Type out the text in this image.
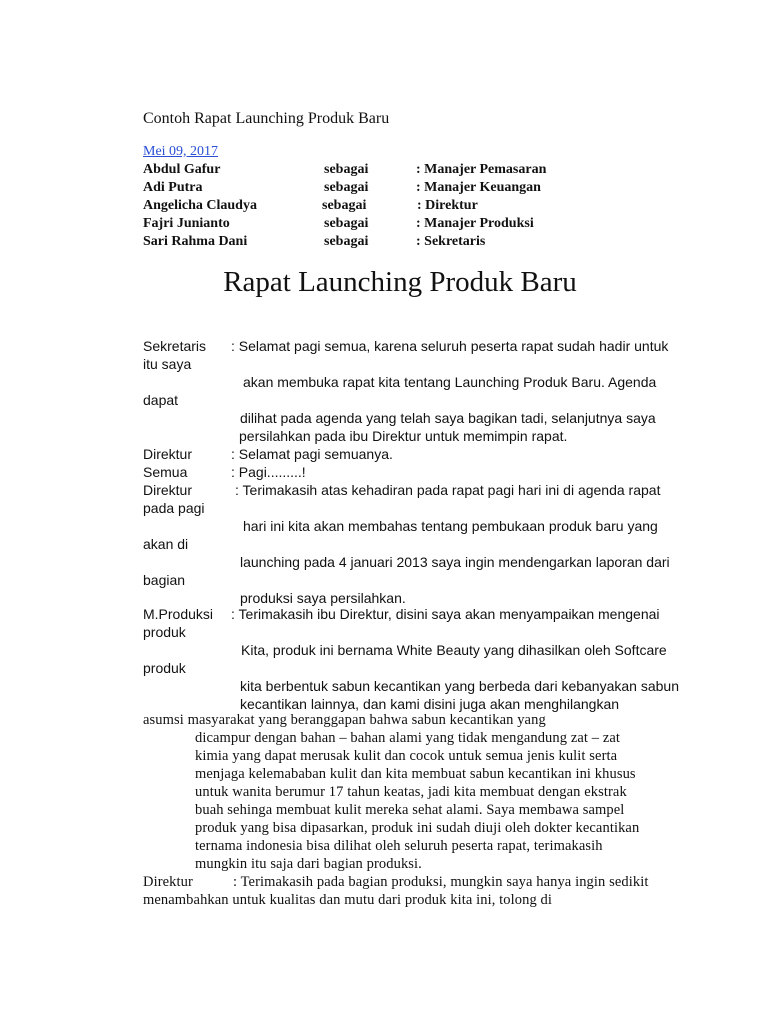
Contoh Rapat Launching Produk Baru
Mei 09, 2017
Abdul Gafur	sebagai	: Manajer Pemasaran
Adi Putra	sebagai	: Manajer Keuangan
Angelicha Claudya	sebagai	: Direktur
Fajri Junianto	sebagai	: Manajer Produksi
Sari Rahma Dani	sebagai	: Sekretaris
Rapat Launching Produk Baru
Sekretaris : Selamat pagi semua, karena seluruh peserta rapat sudah hadir untuk
itu saya
akan membuka rapat kita tentang Launching Produk Baru. Agenda
dapat
dilihat pada agenda yang telah saya bagikan tadi, selanjutnya saya
persilahkan pada ibu Direktur untuk memimpin rapat.
Direktur	: Selamat pagi semuanya.
Semua	: Pagi.........!
Direktur	: Terimakasih atas kehadiran pada rapat pagi hari ini di agenda rapat
pada pagi
hari ini kita akan membahas tentang pembukaan produk baru yang
akan di
launching pada 4 januari 2013 saya ingin mendengarkan laporan dari
bagian
produksi saya persilahkan.
M.Produksi : Terimakasih ibu Direktur, disini saya akan menyampaikan mengenai
produk
Kita, produk ini bernama White Beauty yang dihasilkan oleh Softcare
produk
kita berbentuk sabun kecantikan yang berbeda dari kebanyakan sabun
kecantikan lainnya, dan kami disini juga akan menghilangkan
asumsi masyarakat yang beranggapan bahwa sabun kecantikan yang
dicampur dengan bahan – bahan alami yang tidak mengandung zat – zat
kimia yang dapat merusak kulit dan cocok untuk semua jenis kulit serta
menjaga kelemababan kulit dan kita membuat sabun kecantikan ini khusus
untuk wanita berumur 17 tahun keatas, jadi kita membuat dengan ekstrak
buah sehinga membuat kulit mereka sehat alami. Saya membawa sampel
produk yang bisa dipasarkan, produk ini sudah diuji oleh dokter kecantikan
ternama indonesia bisa dilihat oleh seluruh peserta rapat, terimakasih
mungkin itu saja dari bagian produksi.
Direktur	: Terimakasih pada bagian produksi, mungkin saya hanya ingin sedikit
menambahkan untuk kualitas dan mutu dari produk kita ini, tolong di
